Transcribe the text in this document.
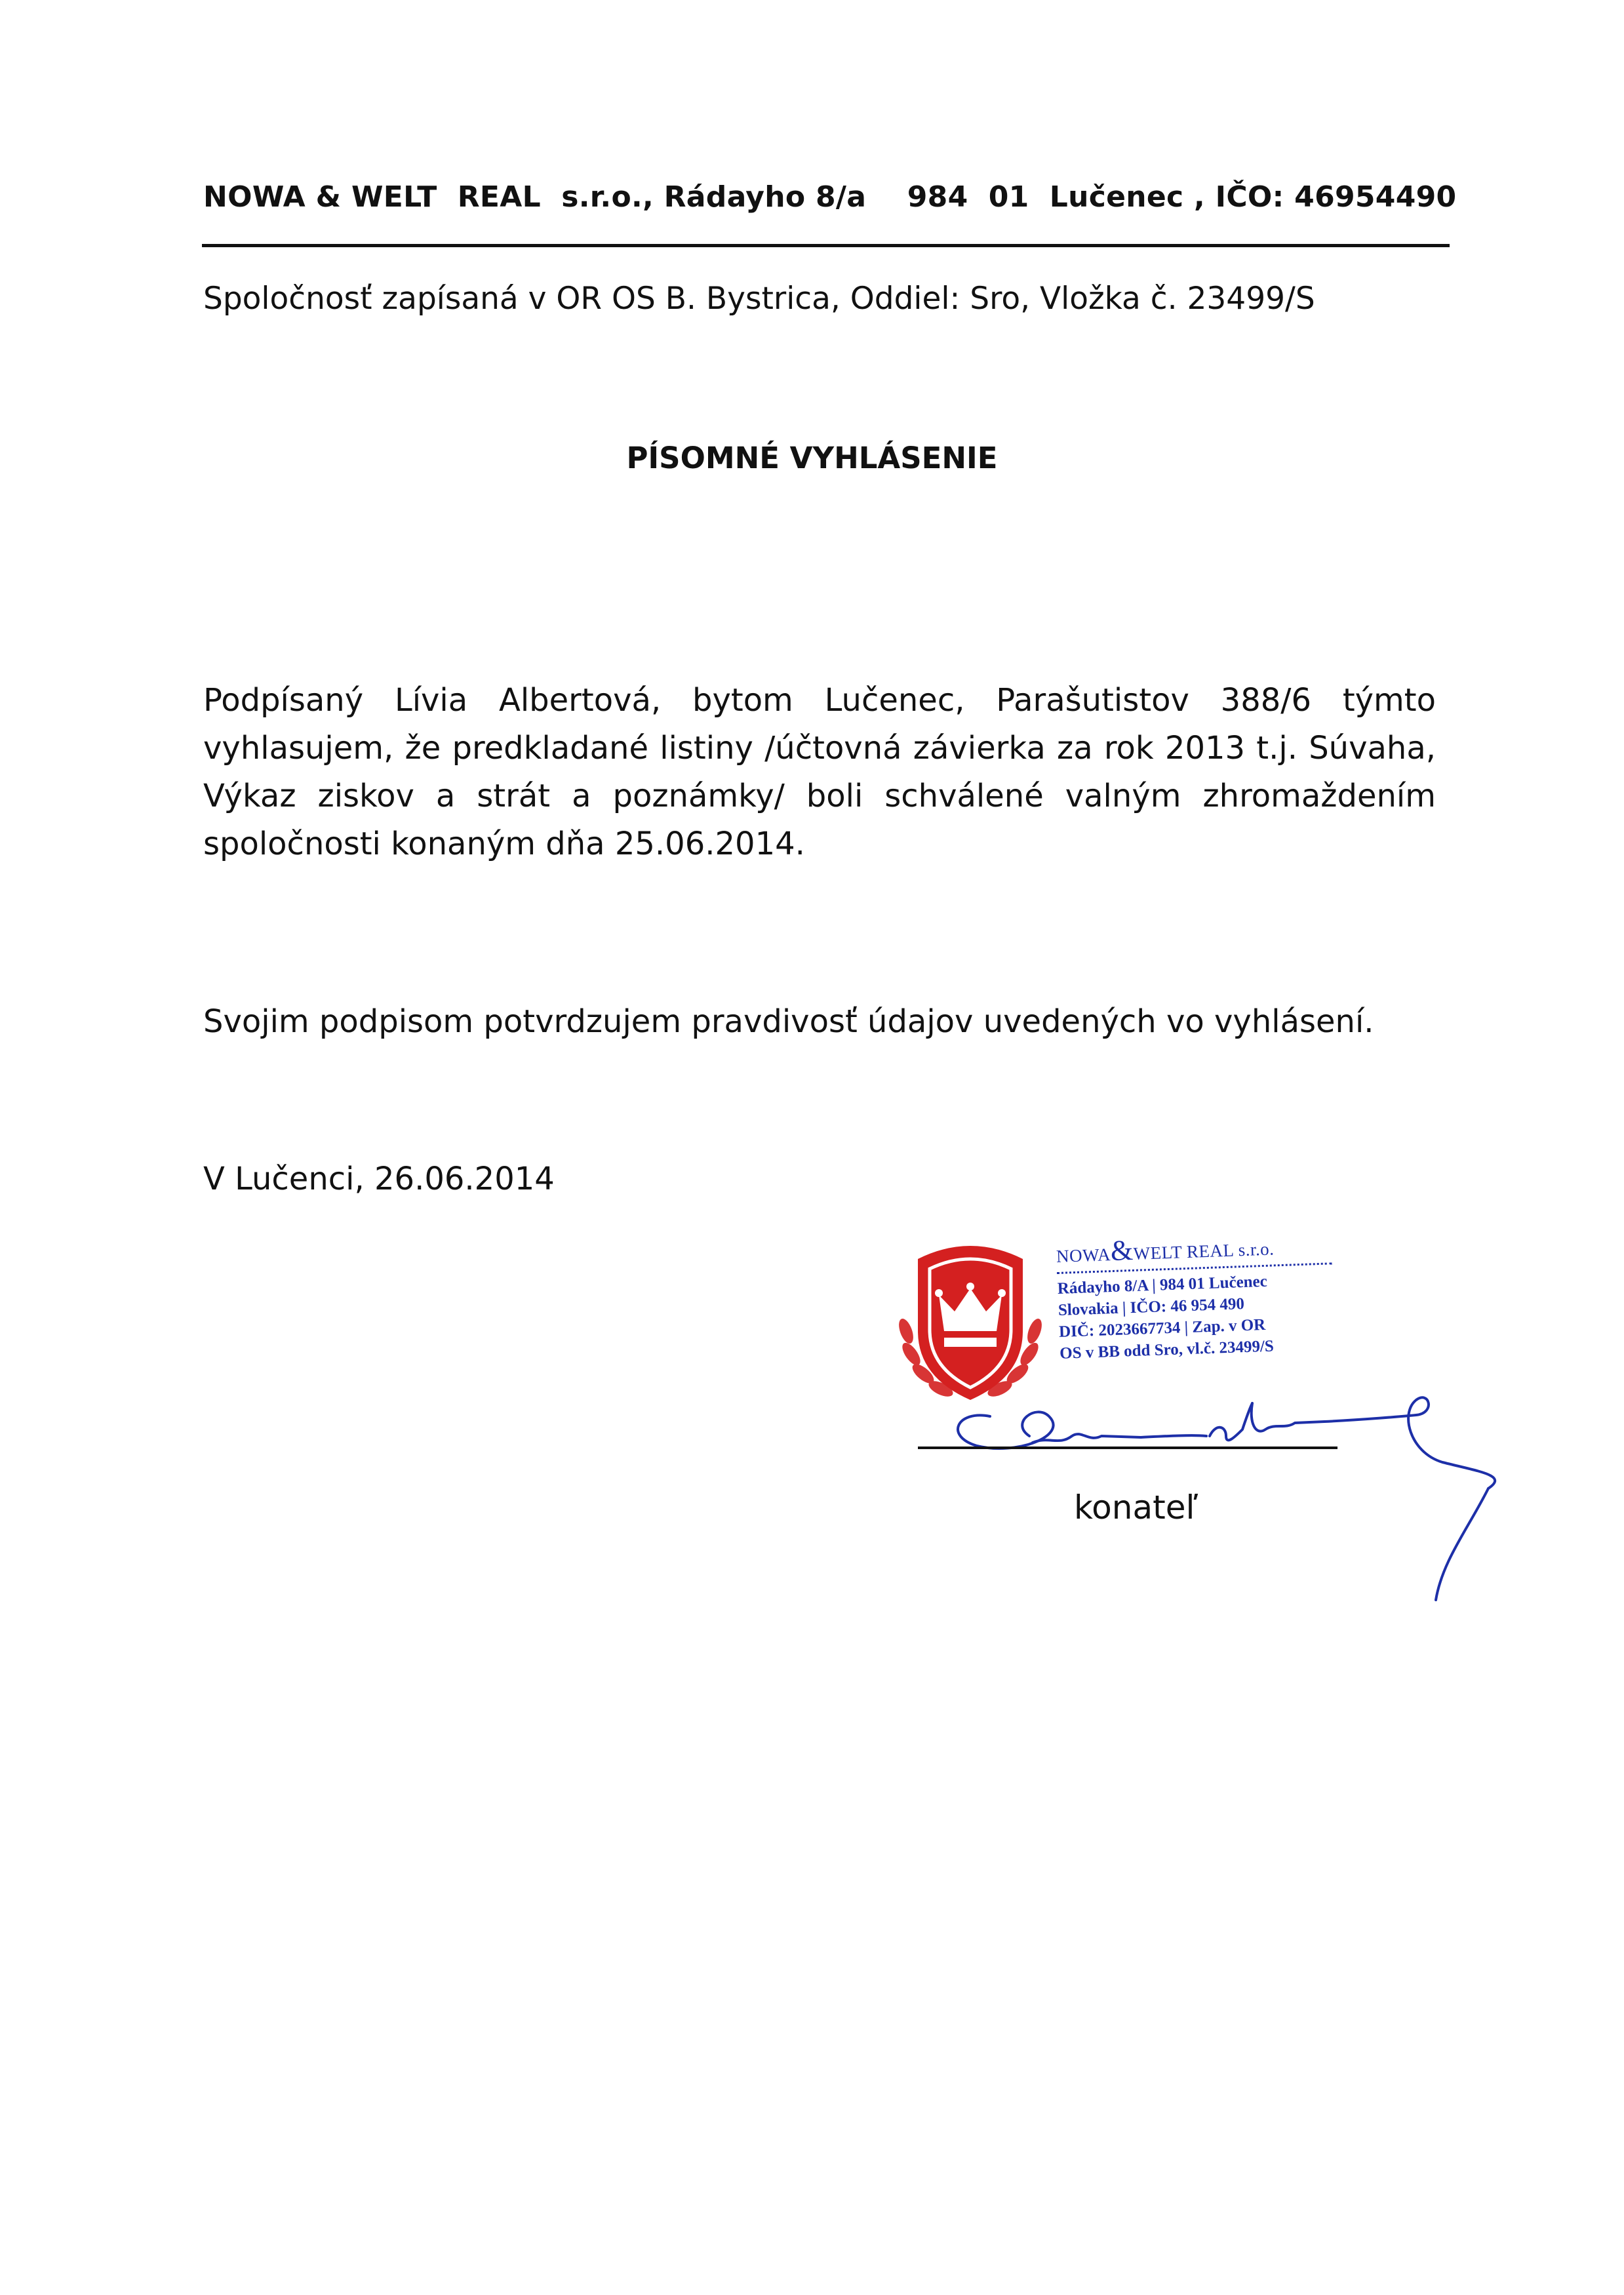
NOWA & WELT  REAL  s.r.o., Rádayho 8/a    984  01  Lučenec , IČO: 46954490
Spoločnosť zapísaná v OR OS B. Bystrica, Oddiel: Sro, Vložka č. 23499/S
PÍSOMNÉ VYHLÁSENIE
Podpísaný Lívia Albertová, bytom Lučenec, Parašutistov 388/6 týmto vyhlasujem, že predkladané listiny /účtovná závierka za rok 2013 t.j. Súvaha, Výkaz ziskov a strát a poznámky/ boli schválené valným zhromaždením spoločnosti konaným dňa 25.06.2014.
Svojim podpisom potvrdzujem pravdivosť údajov uvedených vo vyhlásení.
V Lučenci, 26.06.2014
NOWA&WELT REAL s.r.o.
Rádayho 8/A | 984 01 Lučenec
Slovakia | IČO: 46 954 490
DIČ: 2023667734 | Zap. v OR
OS v BB odd Sro, vl.č. 23499/S
konateľ
